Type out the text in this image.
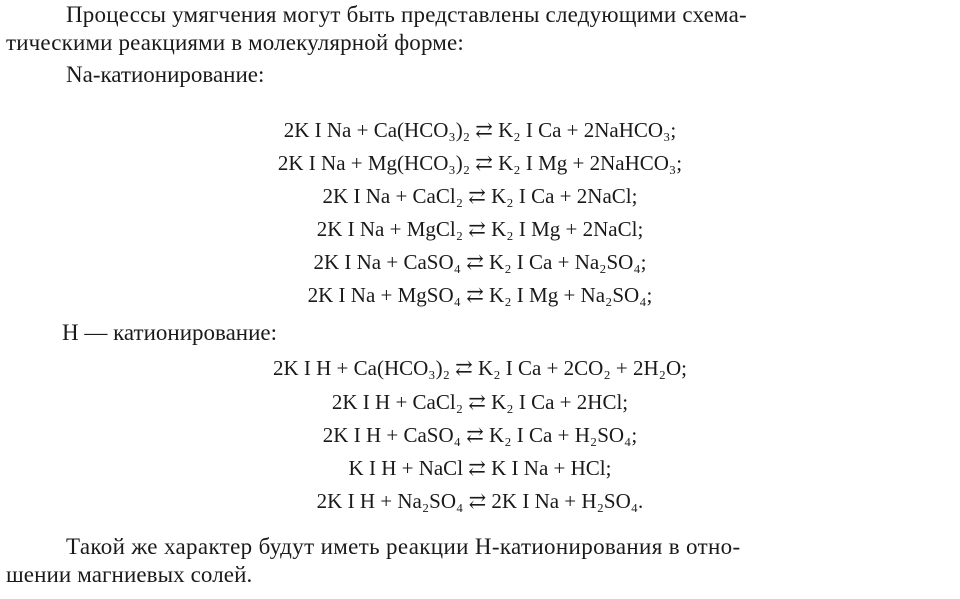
Процессы умягчения могут быть представлены следующими схема-
тическими реакциями в молекулярной форме:
Na-катионирование:
2K I Na + Ca(HCO₃)₂ ⇄ K₂ I Ca + 2NaHCO₃;
2K I Na + Mg(HCO₃)₂ ⇄ K₂ I Mg + 2NaHCO₃;
2K I Na + CaCl₂ ⇄ K₂ I Ca + 2NaCl;
2K I Na + MgCl₂ ⇄ K₂ I Mg + 2NaCl;
2K I Na + CaSO₄ ⇄ K₂ I Ca + Na₂SO₄;
2K I Na + MgSO₄ ⇄ K₂ I Mg + Na₂SO₄;
H — катионирование:
2K I H + Ca(HCO₃)₂ ⇄ K₂ I Ca + 2CO₂ + 2H₂O;
2K I H + CaCl₂ ⇄ K₂ I Ca + 2HCl;
2K I H + CaSO₄ ⇄ K₂ I Ca + H₂SO₄;
K I H + NaCl ⇄ K I Na + HCl;
2K I H + Na₂SO₄ ⇄ 2K I Na + H₂SO₄.
Такой же характер будут иметь реакции Н-катионирования в отно-
шении магниевых солей.
